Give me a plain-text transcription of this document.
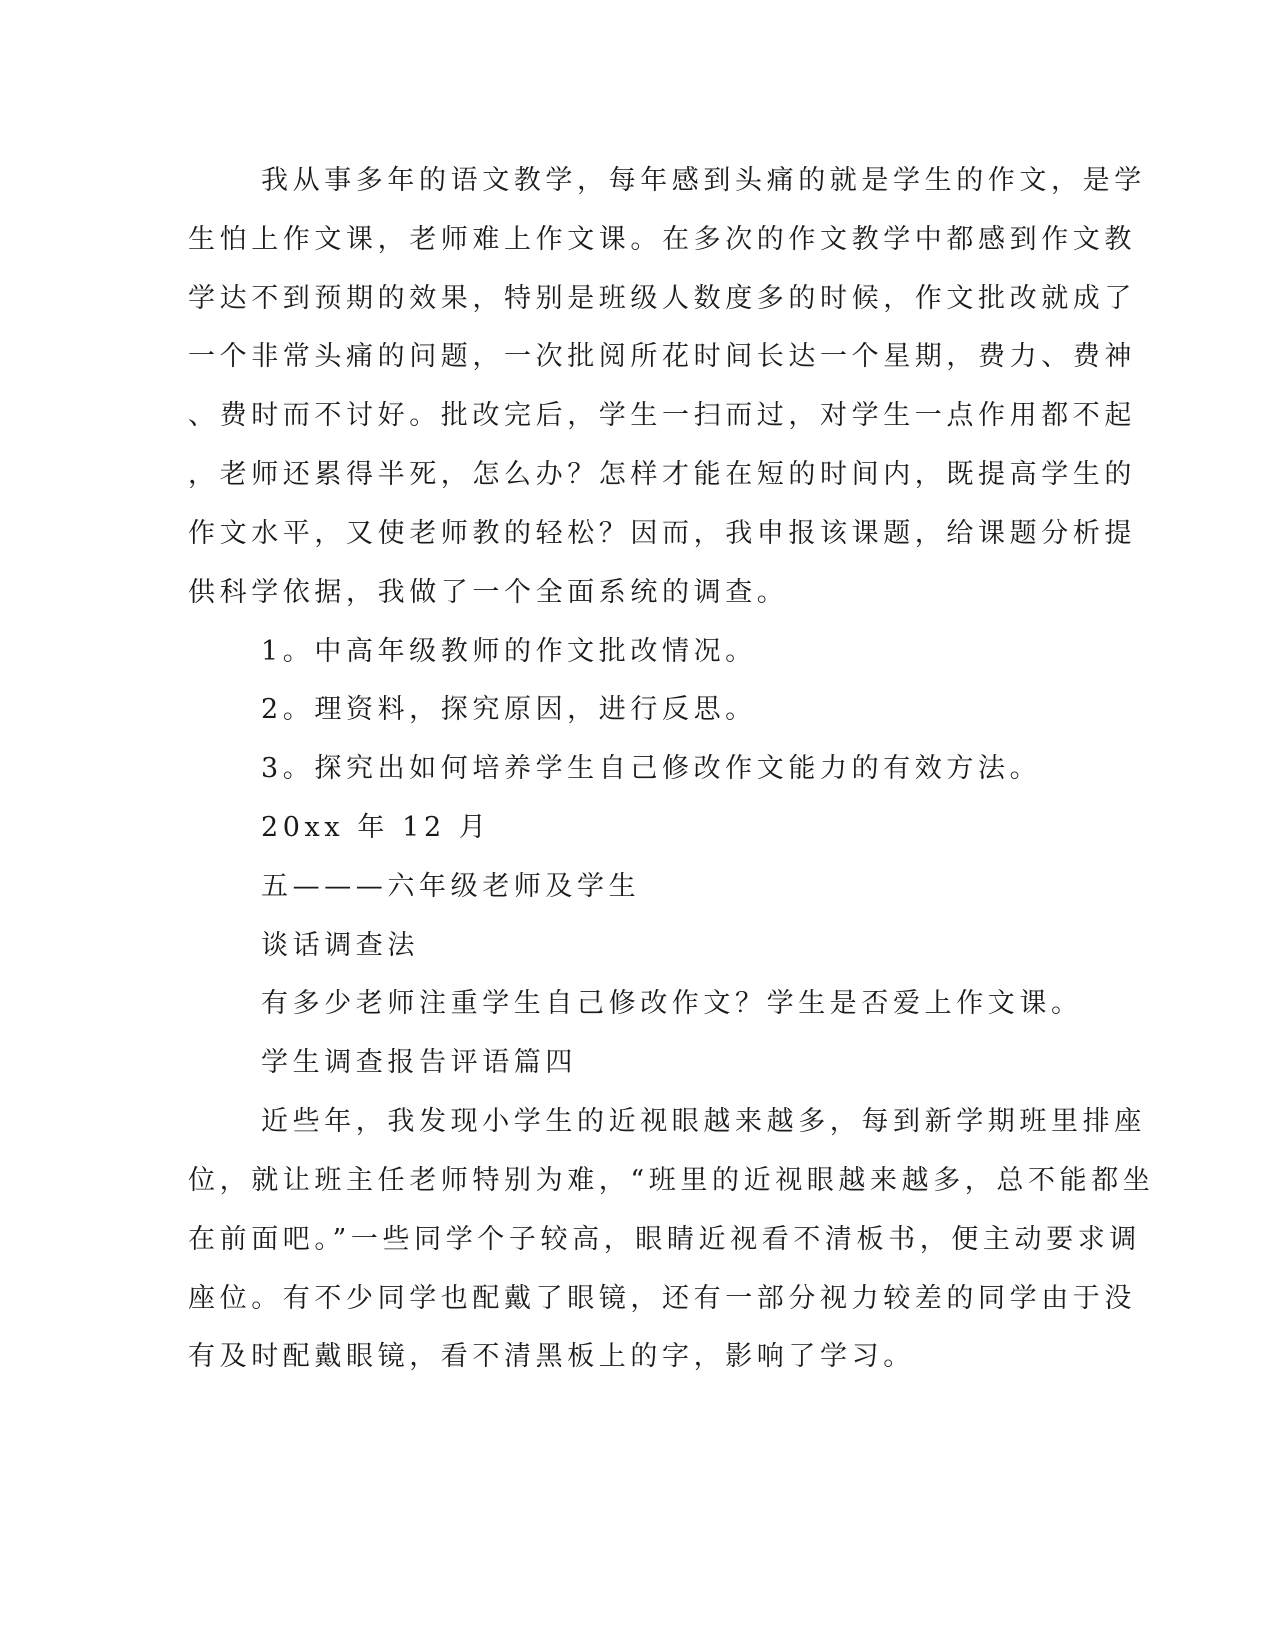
我从事多年的语文教学，每年感到头痛的就是学生的作文，是学
生怕上作文课，老师难上作文课。在多次的作文教学中都感到作文教
学达不到预期的效果，特别是班级人数度多的时候，作文批改就成了
一个非常头痛的问题，一次批阅所花时间长达一个星期，费力、费神
、费时而不讨好。批改完后，学生一扫而过，对学生一点作用都不起
，老师还累得半死，怎么办？怎样才能在短的时间内，既提高学生的
作文水平，又使老师教的轻松？因而，我申报该课题，给课题分析提
供科学依据，我做了一个全面系统的调查。
1。中高年级教师的作文批改情况。
2。理资料，探究原因，进行反思。
3。探究出如何培养学生自己修改作文能力的有效方法。
20xx 年 12 月
五———六年级老师及学生
谈话调查法
有多少老师注重学生自己修改作文？学生是否爱上作文课。
学生调查报告评语篇四
近些年，我发现小学生的近视眼越来越多，每到新学期班里排座
位，就让班主任老师特别为难，“班里的近视眼越来越多，总不能都坐
在前面吧。”一些同学个子较高，眼睛近视看不清板书，便主动要求调
座位。有不少同学也配戴了眼镜，还有一部分视力较差的同学由于没
有及时配戴眼镜，看不清黑板上的字，影响了学习。
